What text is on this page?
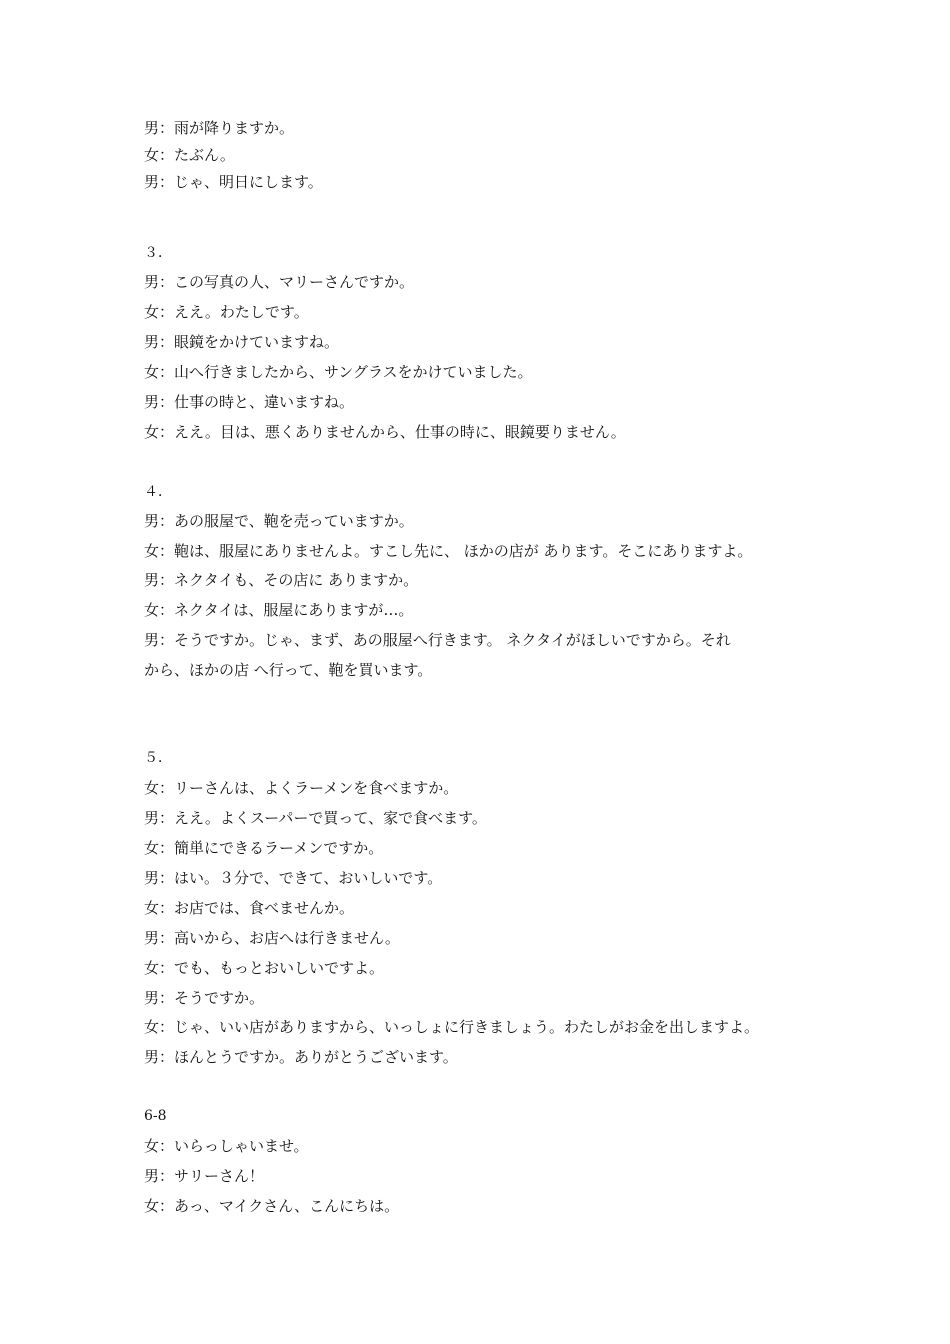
男：雨が降りますか。
女：たぶん。
男：じゃ、明日にします。
３．
男：この写真の人、マリーさんですか。
女：ええ。わたしです。
男：眼鏡をかけていますね。
女：山へ行きましたから、サングラスをかけていました。
男：仕事の時と、違いますね。
女：ええ。目は、悪くありませんから、仕事の時に、眼鏡要りません。
４．
男：あの服屋で、鞄を売っていますか。
女：鞄は、服屋にありませんよ。すこし先に、 ほかの店が あります。そこにありますよ。
男：ネクタイも、その店に ありますか。
女：ネクタイは、服屋にありますが…。
男：そうですか。じゃ、まず、あの服屋へ行きます。 ネクタイがほしいですから。それ
から、ほかの店 へ行って、鞄を買います。
５．
女：リーさんは、よくラーメンを食べますか。
男：ええ。よくスーパーで買って、家で食べます。
女：簡単にできるラーメンですか。
男：はい。３分で、できて、おいしいです。
女：お店では、食べませんか。
男：高いから、お店へは行きません。
女：でも、もっとおいしいですよ。
男：そうですか。
女：じゃ、いい店がありますから、いっしょに行きましょう。わたしがお金を出しますよ。
男：ほんとうですか。ありがとうございます。
6-8
女：いらっしゃいませ。
男：サリーさん！
女：あっ、マイクさん、こんにちは。
